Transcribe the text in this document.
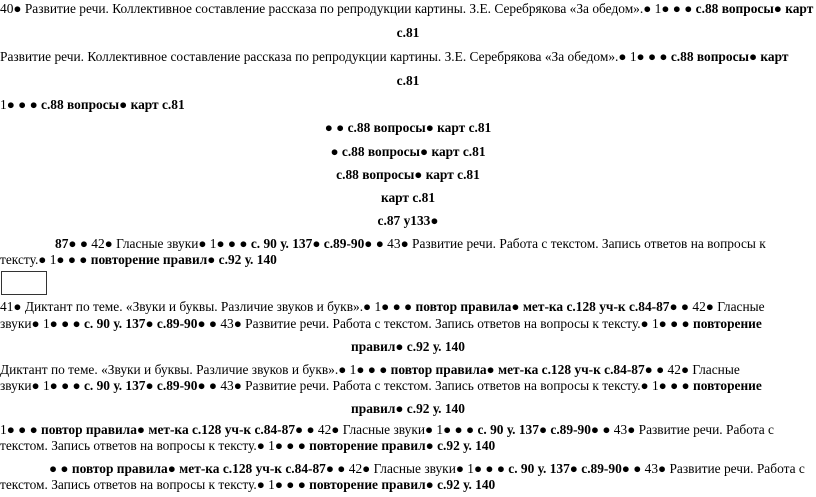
40● Развитие речи. Коллективное составление рассказа по репродукции картины. З.Е. Серебрякова «За обедом».● 1● ● ● с.88 вопросы● карт
с.81
Развитие речи. Коллективное составление рассказа по репродукции картины. З.Е. Серебрякова «За обедом».● 1● ● ● с.88 вопросы● карт
с.81
1● ● ● с.88 вопросы● карт с.81
● ● с.88 вопросы● карт с.81
● с.88 вопросы● карт с.81
с.88 вопросы● карт с.81
карт с.81
с.87 у133●
87● ● 42● Гласные звуки● 1● ● ● с. 90 у. 137● с.89-90● ● 43● Развитие речи. Работа с текстом. Запись ответов на вопросы к
тексту.● 1● ● ● повторение правил● с.92 у. 140
41● Диктант по теме. «Звуки и буквы. Различие звуков и букв».● 1● ● ● повтор правила● мет-ка с.128 уч-к с.84-87● ● 42● Гласные
звуки● 1● ● ● с. 90 у. 137● с.89-90● ● 43● Развитие речи. Работа с текстом. Запись ответов на вопросы к тексту.● 1● ● ● повторение
правил● с.92 у. 140
Диктант по теме. «Звуки и буквы. Различие звуков и букв».● 1● ● ● повтор правила● мет-ка с.128 уч-к с.84-87● ● 42● Гласные
звуки● 1● ● ● с. 90 у. 137● с.89-90● ● 43● Развитие речи. Работа с текстом. Запись ответов на вопросы к тексту.● 1● ● ● повторение
правил● с.92 у. 140
1● ● ● повтор правила● мет-ка с.128 уч-к с.84-87● ● 42● Гласные звуки● 1● ● ● с. 90 у. 137● с.89-90● ● 43● Развитие речи. Работа с
текстом. Запись ответов на вопросы к тексту.● 1● ● ● повторение правил● с.92 у. 140
● ● повтор правила● мет-ка с.128 уч-к с.84-87● ● 42● Гласные звуки● 1● ● ● с. 90 у. 137● с.89-90● ● 43● Развитие речи. Работа с
текстом. Запись ответов на вопросы к тексту.● 1● ● ● повторение правил● с.92 у. 140
